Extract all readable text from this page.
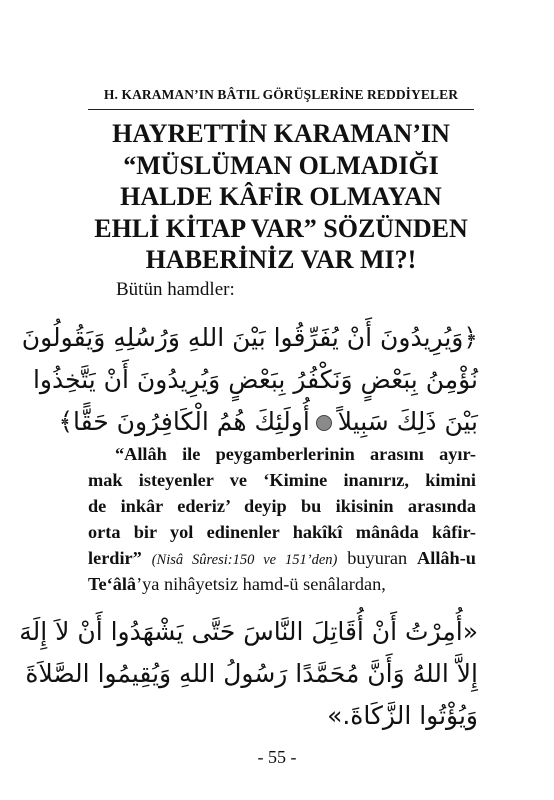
H. KARAMAN’IN BÂTIL GÖRÜŞLERİNE REDDİYELER
HAYRETTİN KARAMAN’IN
“MÜSLÜMAN OLMADIĞI
HALDE KÂFİR OLMAYAN
EHLİ KİTAP VAR” SÖZÜNDEN
HABERİNİZ VAR MI?!
Bütün hamdler:
﴿وَيُرِيدُونَ أَنْ يُفَرِّقُوا بَيْنَ اللهِ وَرُسُلِهِ وَيَقُولُونَ
نُؤْمِنُ بِبَعْضٍ وَنَكْفُرُ بِبَعْضٍ وَيُرِيدُونَ أَنْ يَتَّخِذُوا
بَيْنَ ذَلِكَ سَبِيلاًأُولَئِكَ هُمُ الْكَافِرُونَ حَقًّا﴾
“Allâh ile peygamberlerinin arasını ayır-
mak isteyenler ve ‘Kimine inanırız, kimini
de inkâr ederiz’ deyip bu ikisinin arasında
orta bir yol edinenler hakîkî mânâda kâfir-
lerdir” (Nisâ Sûresi:150 ve 151’den) buyuran Allâh-u
Te‘âlâ’ya nihâyetsiz hamd-ü senâlardan,
«أُمِرْتُ أَنْ أُقَاتِلَ النَّاسَ حَتَّى يَشْهَدُوا أَنْ لاَ إِلَهَ
إِلاَّ اللهُ وَأَنَّ مُحَمَّدًا رَسُولُ اللهِ وَيُقِيمُوا الصَّلاَةَ
وَيُؤْتُوا الزَّكَاةَ.»
- 55 -
